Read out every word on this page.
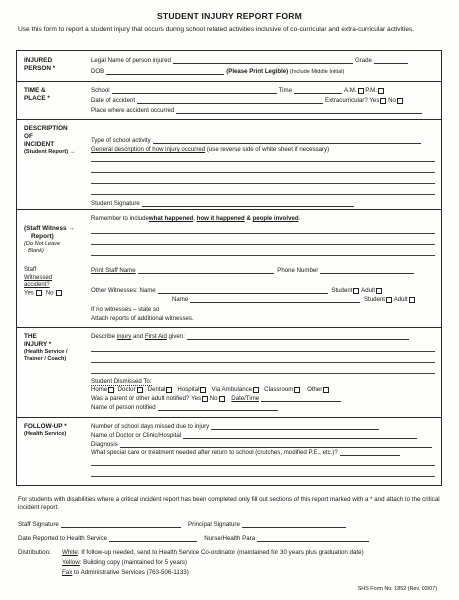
STUDENT INJURY REPORT FORM
Use this form to report a student injury that occurs during school related activities inclusive of co-curricular and extra-curricular activities.
INJURED
PERSON *
Legal Name of person injured	Grade
DOB	(Please Print Legible)
(Include Middle Initial)
TIME &
PLACE *
School	Time	A.M.
P.M.
Date of accident	Extracurricular?
Yes
No
Place where accident occurred
DESCRIPTION
OF
INCIDENT
(Student Report) →
Type of school activity
General description of how injury occurred
(use reverse side of white sheet if necessary)
Student Signature
Remember to include what happened , how it happened & people involved .
(Staff Witness →
Report)
(Do Not Leave
Blank)
Staff
Witnessed
accident?
Yes No
Print Staff Name
	Phone Number
Other Witnesses:
Name
	Student
Adult
Name
	Student
Adult
If no witnesses – state so
Attach reports of additional witnesses.
THE
INJURY *
(Health Service /
Trainer / Coach)
Describe injury and First Aid given:
Student Dismissed To:
Home
Doctor
Dental
Hospital
Via Ambulance
Classroom
Other
Was a parent or other adult notified?
Yes
No
Date/Time
Name of person notified
FOLLOW-UP *
(Health Service)
Number of school days missed due to injury
Name of Doctor or Clinic/Hospital
Diagnosis
What special care or treatment needed after return to school (crutches, modified P.E., etc.)?
For students with disabilities where a critical incident report has been completed only fill out sections of this report marked with a * and attach to the critical incident report.
Staff Signature
	Principal Signature
Date Reported to Health Service
	Nurse/Health Para
Distribution: White: If follow-up needed, send to Health Service Co-ordinator (maintained for 30 years plus graduation date)
Yellow: Building copy (maintained for 5 years)
Fax to Administrative Services (763-506-1133)
SHS Form No. 1852 (Rev. 03/07)
